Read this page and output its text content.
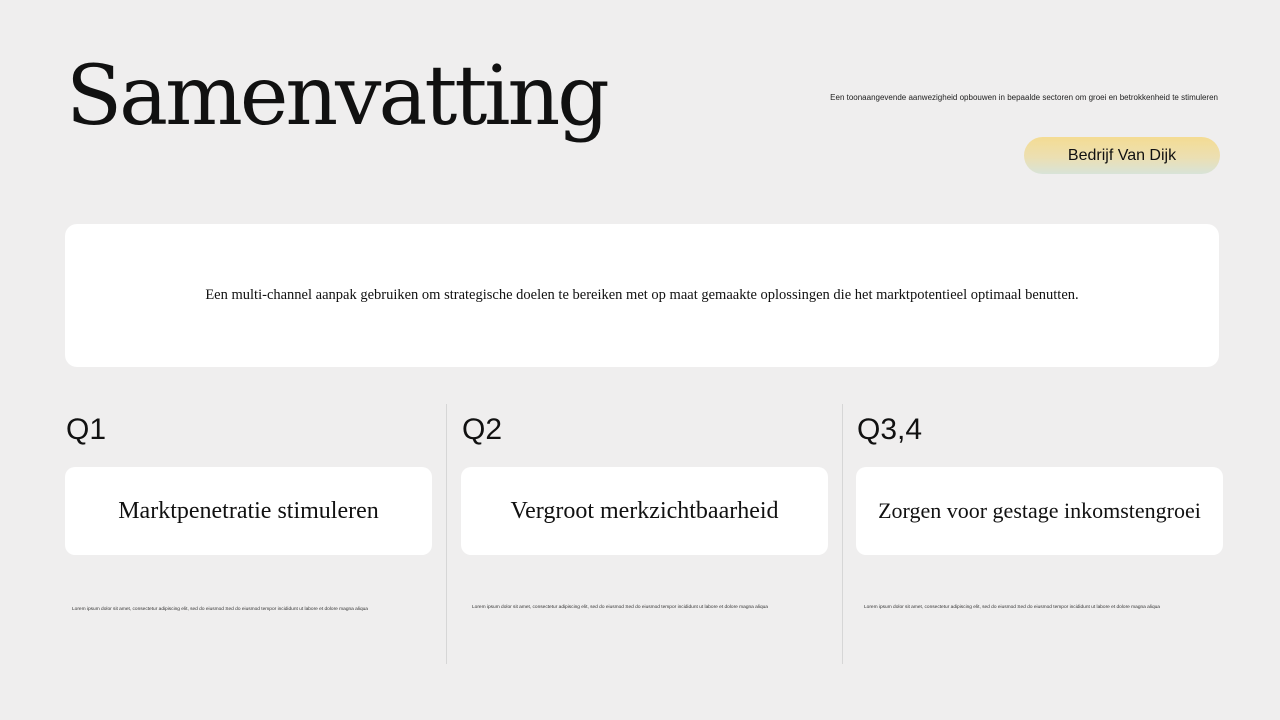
Samenvatting	Een toonaangevende aanwezigheid opbouwen in bepaalde sectoren om groei en betrokkenheid te stimuleren
Bedrijf Van Dijk
Een multi-channel aanpak gebruiken om strategische doelen te bereiken met op maat gemaakte oplossingen die het marktpotentieel optimaal benutten.
Q1
Marktpenetratie stimuleren
Lorem ipsum dolor sit amet, consectetur adipiscing elit, sed do eiusmod Sed do eiusmod tempor incididunt ut labore et dolore magna aliqua
Q2
Vergroot merkzichtbaarheid
Lorem ipsum dolor sit amet, consectetur adipiscing elit, sed do eiusmod Sed do eiusmod tempor incididunt ut labore et dolore magna aliqua
Q3,4
Zorgen voor gestage inkomstengroei
Lorem ipsum dolor sit amet, consectetur adipiscing elit, sed do eiusmod Sed do eiusmod tempor incididunt ut labore et dolore magna aliqua
